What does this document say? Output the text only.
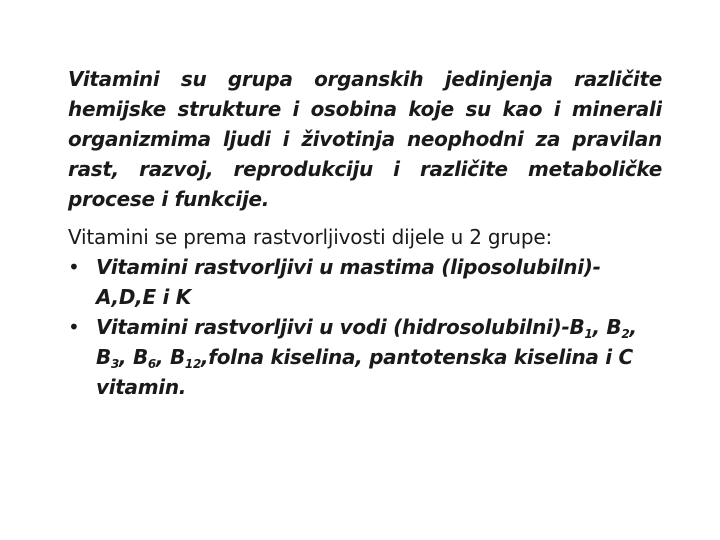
Vitamini su grupa organskih jedinjenja različite
hemijske strukture i osobina koje su kao i minerali
organizmima ljudi i životinja neophodni za pravilan
rast, razvoj, reprodukciju i različite metaboličke
procese i funkcije.
Vitamini se prema rastvorljivosti dijele u 2 grupe:
• Vitamini rastvorljivi u mastima (liposolubilni)-
A,D,E i K
• Vitamini rastvorljivi u vodi $(hidrosolubilni)-B_1$, $B_2$,
$B_3$, $B_6$, $B_{12},folna$ kiselina, pantotenska kiselina i C
vitamin.
